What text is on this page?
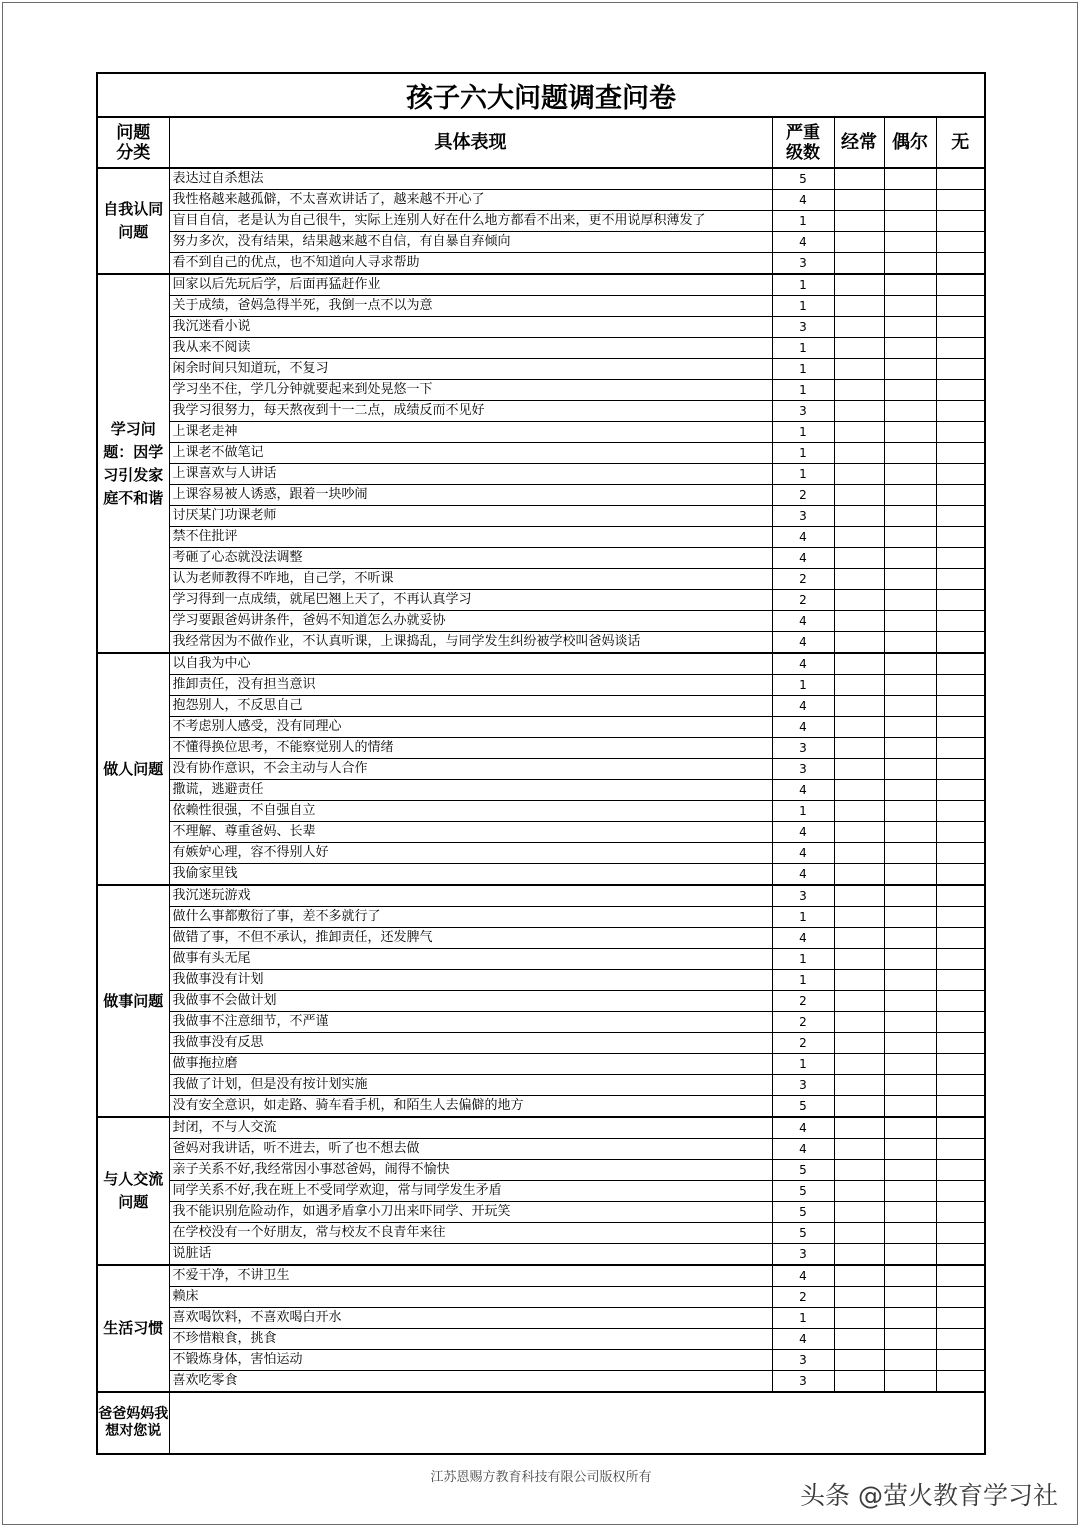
孩子六大问题调查问卷					
问题分类	具体表现	严重级数	经常	偶尔	无
自我认同问题	表达过自杀想法	5			
	我性格越来越孤僻，不太喜欢讲话了，越来越不开心了	4			
	盲目自信，老是认为自己很牛，实际上连别人好在什么地方都看不出来，更不用说厚积薄发了	1			
	努力多次，没有结果，结果越来越不自信，有自暴自弃倾向	4			
	看不到自己的优点，也不知道向人寻求帮助	3			
学习问题：因学习引发家庭不和谐	回家以后先玩后学，后面再猛赶作业	1			
	关于成绩，爸妈急得半死，我倒一点不以为意	1			
	我沉迷看小说	3			
	我从来不阅读	1			
	闲余时间只知道玩，不复习	1			
	学习坐不住，学几分钟就要起来到处晃悠一下	1			
	我学习很努力，每天熬夜到十一二点，成绩反而不见好	3			
	上课老走神	1			
	上课老不做笔记	1			
	上课喜欢与人讲话	1			
	上课容易被人诱惑，跟着一块吵闹	2			
	讨厌某门功课老师	3			
	禁不住批评	4			
	考砸了心态就没法调整	4			
	认为老师教得不咋地，自己学，不听课	2			
	学习得到一点成绩，就尾巴翘上天了，不再认真学习	2			
	学习要跟爸妈讲条件，爸妈不知道怎么办就妥协	4			
	我经常因为不做作业，不认真听课，上课捣乱，与同学发生纠纷被学校叫爸妈谈话	4			
做人问题	以自我为中心	4			
	推卸责任，没有担当意识	1			
	抱怨别人，不反思自己	4			
	不考虑别人感受，没有同理心	4			
	不懂得换位思考，不能察觉别人的情绪	3			
	没有协作意识，不会主动与人合作	3			
	撒谎，逃避责任	4			
	依赖性很强，不自强自立	1			
	不理解、尊重爸妈、长辈	4			
	有嫉妒心理，容不得别人好	4			
	我偷家里钱	4			
做事问题	我沉迷玩游戏	3			
	做什么事都敷衍了事，差不多就行了	1			
	做错了事，不但不承认，推卸责任，还发脾气	4			
	做事有头无尾	1			
	我做事没有计划	1			
	我做事不会做计划	2			
	我做事不注意细节，不严谨	2			
	我做事没有反思	2			
	做事拖拉磨	1			
	我做了计划，但是没有按计划实施	3			
	没有安全意识，如走路、骑车看手机，和陌生人去偏僻的地方	5			
与人交流问题	封闭，不与人交流	4			
	爸妈对我讲话，听不进去，听了也不想去做	4			
	亲子关系不好,我经常因小事怼爸妈，闹得不愉快	5			
	同学关系不好,我在班上不受同学欢迎，常与同学发生矛盾	5			
	我不能识别危险动作，如遇矛盾拿小刀出来吓同学、开玩笑	5			
	在学校没有一个好朋友，常与校友不良青年来往	5			
	说脏话	3			
生活习惯	不爱干净，不讲卫生	4			
	赖床	2			
	喜欢喝饮料，不喜欢喝白开水	1			
	不珍惜粮食，挑食	4			
	不锻炼身体，害怕运动	3			
	喜欢吃零食	3			
爸爸妈妈我想对您说					
江苏恩赐方教育科技有限公司版权所有
头条 @萤火教育学习社
